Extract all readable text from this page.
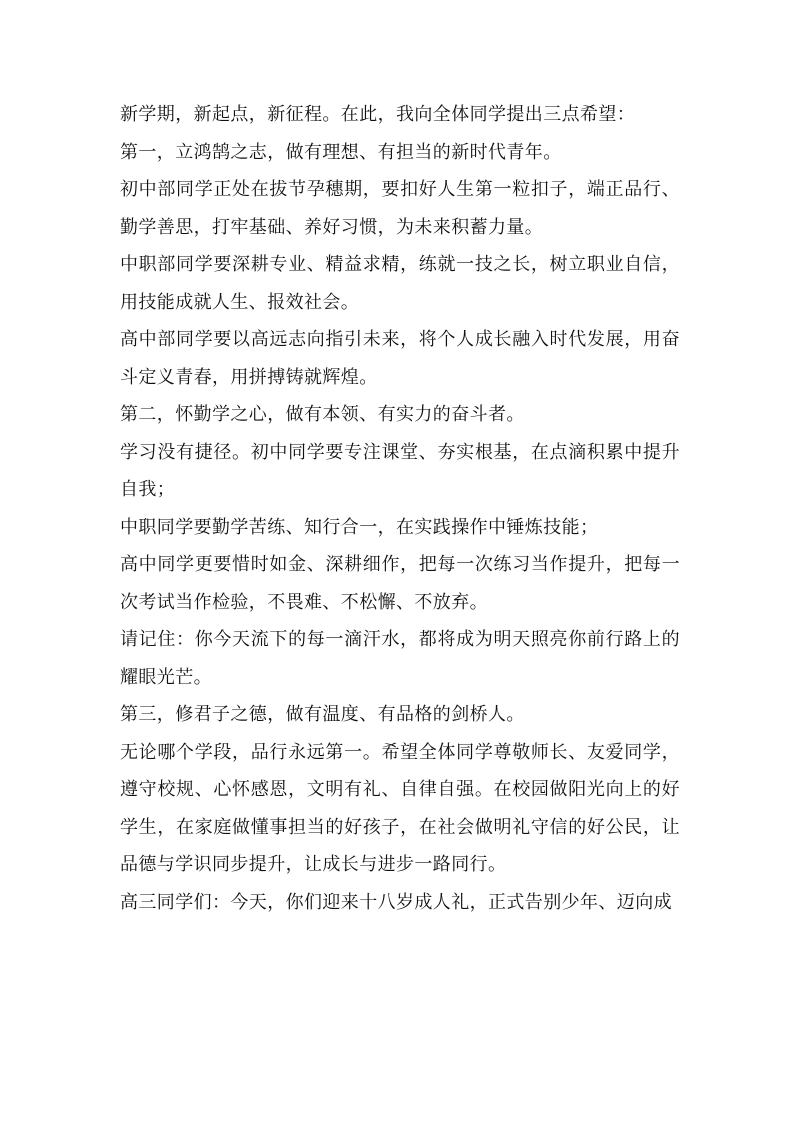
新学期，新起点，新征程。在此，我向全体同学提出三点希望：

第一，立鸿鹄之志，做有理想、有担当的新时代青年。

初中部同学正处在拔节孕穗期，要扣好人生第一粒扣子，端正品行、勤学善思，打牢基础、养好习惯，为未来积蓄力量。

中职部同学要深耕专业、精益求精，练就一技之长，树立职业自信，用技能成就人生、报效社会。

高中部同学要以高远志向指引未来，将个人成长融入时代发展，用奋斗定义青春，用拼搏铸就辉煌。

第二，怀勤学之心，做有本领、有实力的奋斗者。

学习没有捷径。初中同学要专注课堂、夯实根基，在点滴积累中提升自我；

中职同学要勤学苦练、知行合一，在实践操作中锤炼技能；

高中同学更要惜时如金、深耕细作，把每一次练习当作提升，把每一次考试当作检验，不畏难、不松懈、不放弃。

请记住：你今天流下的每一滴汗水，都将成为明天照亮你前行路上的耀眼光芒。

第三，修君子之德，做有温度、有品格的剑桥人。

无论哪个学段，品行永远第一。希望全体同学尊敬师长、友爱同学，遵守校规、心怀感恩，文明有礼、自律自强。在校园做阳光向上的好学生，在家庭做懂事担当的好孩子，在社会做明礼守信的好公民，让品德与学识同步提升，让成长与进步一路同行。

高三同学们：今天，你们迎来十八岁成人礼，正式告别少年、迈向成
